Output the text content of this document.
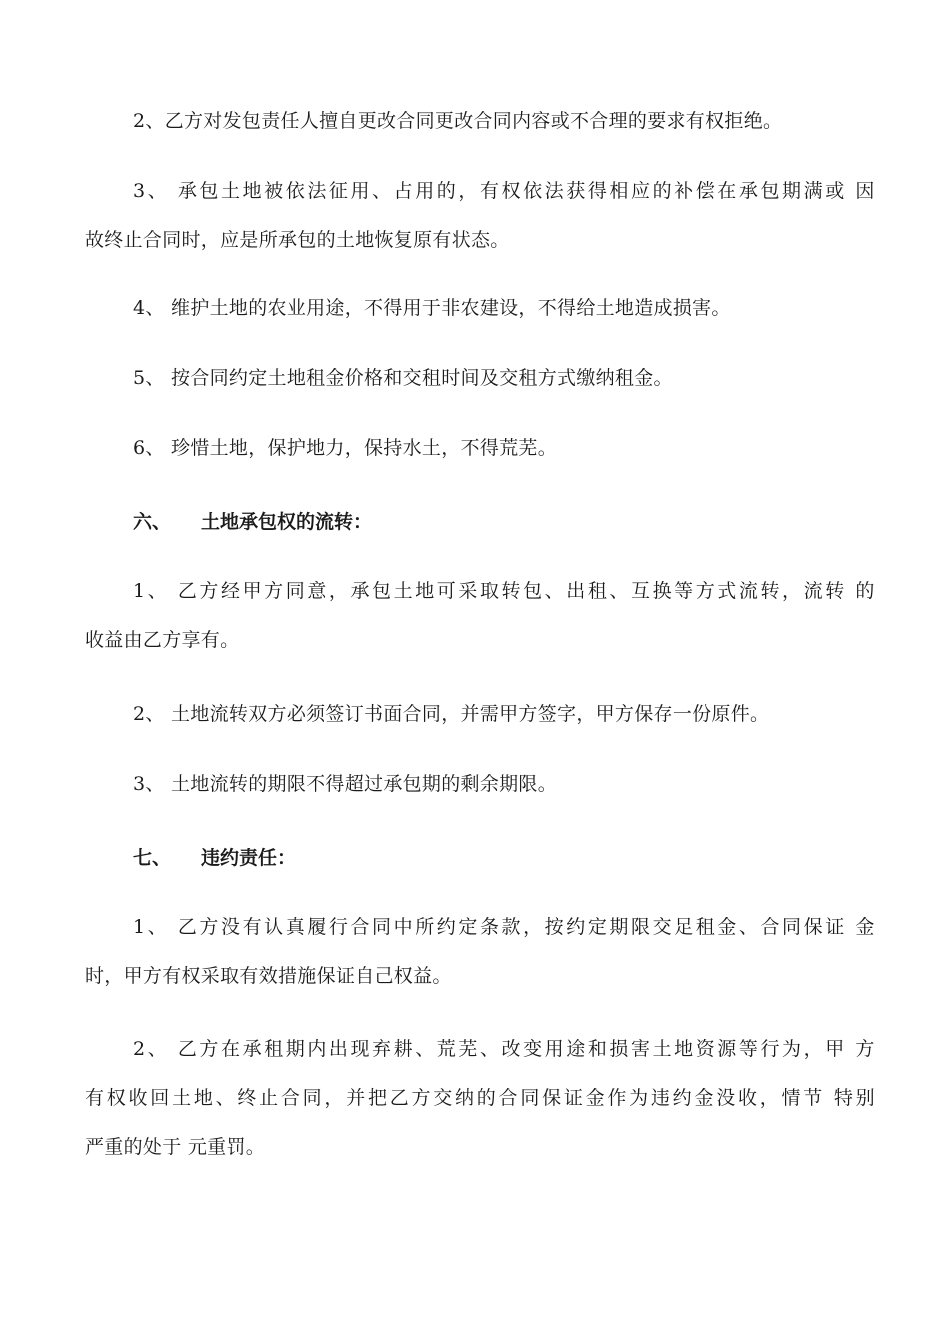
2、乙方对发包责任人擅自更改合同更改合同内容或不合理的要求有权拒绝。
3 、
承 包 土 地 被 依 法 征 用 、 占 用 的 ， 有 权 依 法 获 得 相 应 的 补 偿 在 承 包 期 满 或
因
故终止合同时，应是所承包的土地恢复原有状态。
4、 维护土地的农业用途，不得用于非农建设，不得给土地造成损害。
5、 按合同约定土地租金价格和交租时间及交租方式缴纳租金。
6、 珍惜土地，保护地力，保持水土，不得荒芜。
六、 土地承包权的流转：
1 、
乙 方 经 甲 方 同 意 ， 承 包 土 地 可 采 取 转 包 、 出 租 、 互 换 等 方 式 流 转 ， 流 转
的
收益由乙方享有。
2、 土地流转双方必须签订书面合同，并需甲方签字，甲方保存一份原件。
3、 土地流转的期限不得超过承包期的剩余期限。
七、 违约责任：
1 、
乙 方 没 有 认 真 履 行 合 同 中 所 约 定 条 款 ， 按 约 定 期 限 交 足 租 金 、 合 同 保 证
金
时，甲方有权采取有效措施保证自己权益。
2 、
乙 方 在 承 租 期 内 出 现 弃 耕 、 荒 芜 、 改 变 用 途 和 损 害 土 地 资 源 等 行 为 ， 甲
方
有 权 收 回 土 地 、 终 止 合 同 ， 并 把 乙 方 交 纳 的 合 同 保 证 金 作 为 违 约 金 没 收 ， 情 节
特 别
严重的处于 元重罚。
